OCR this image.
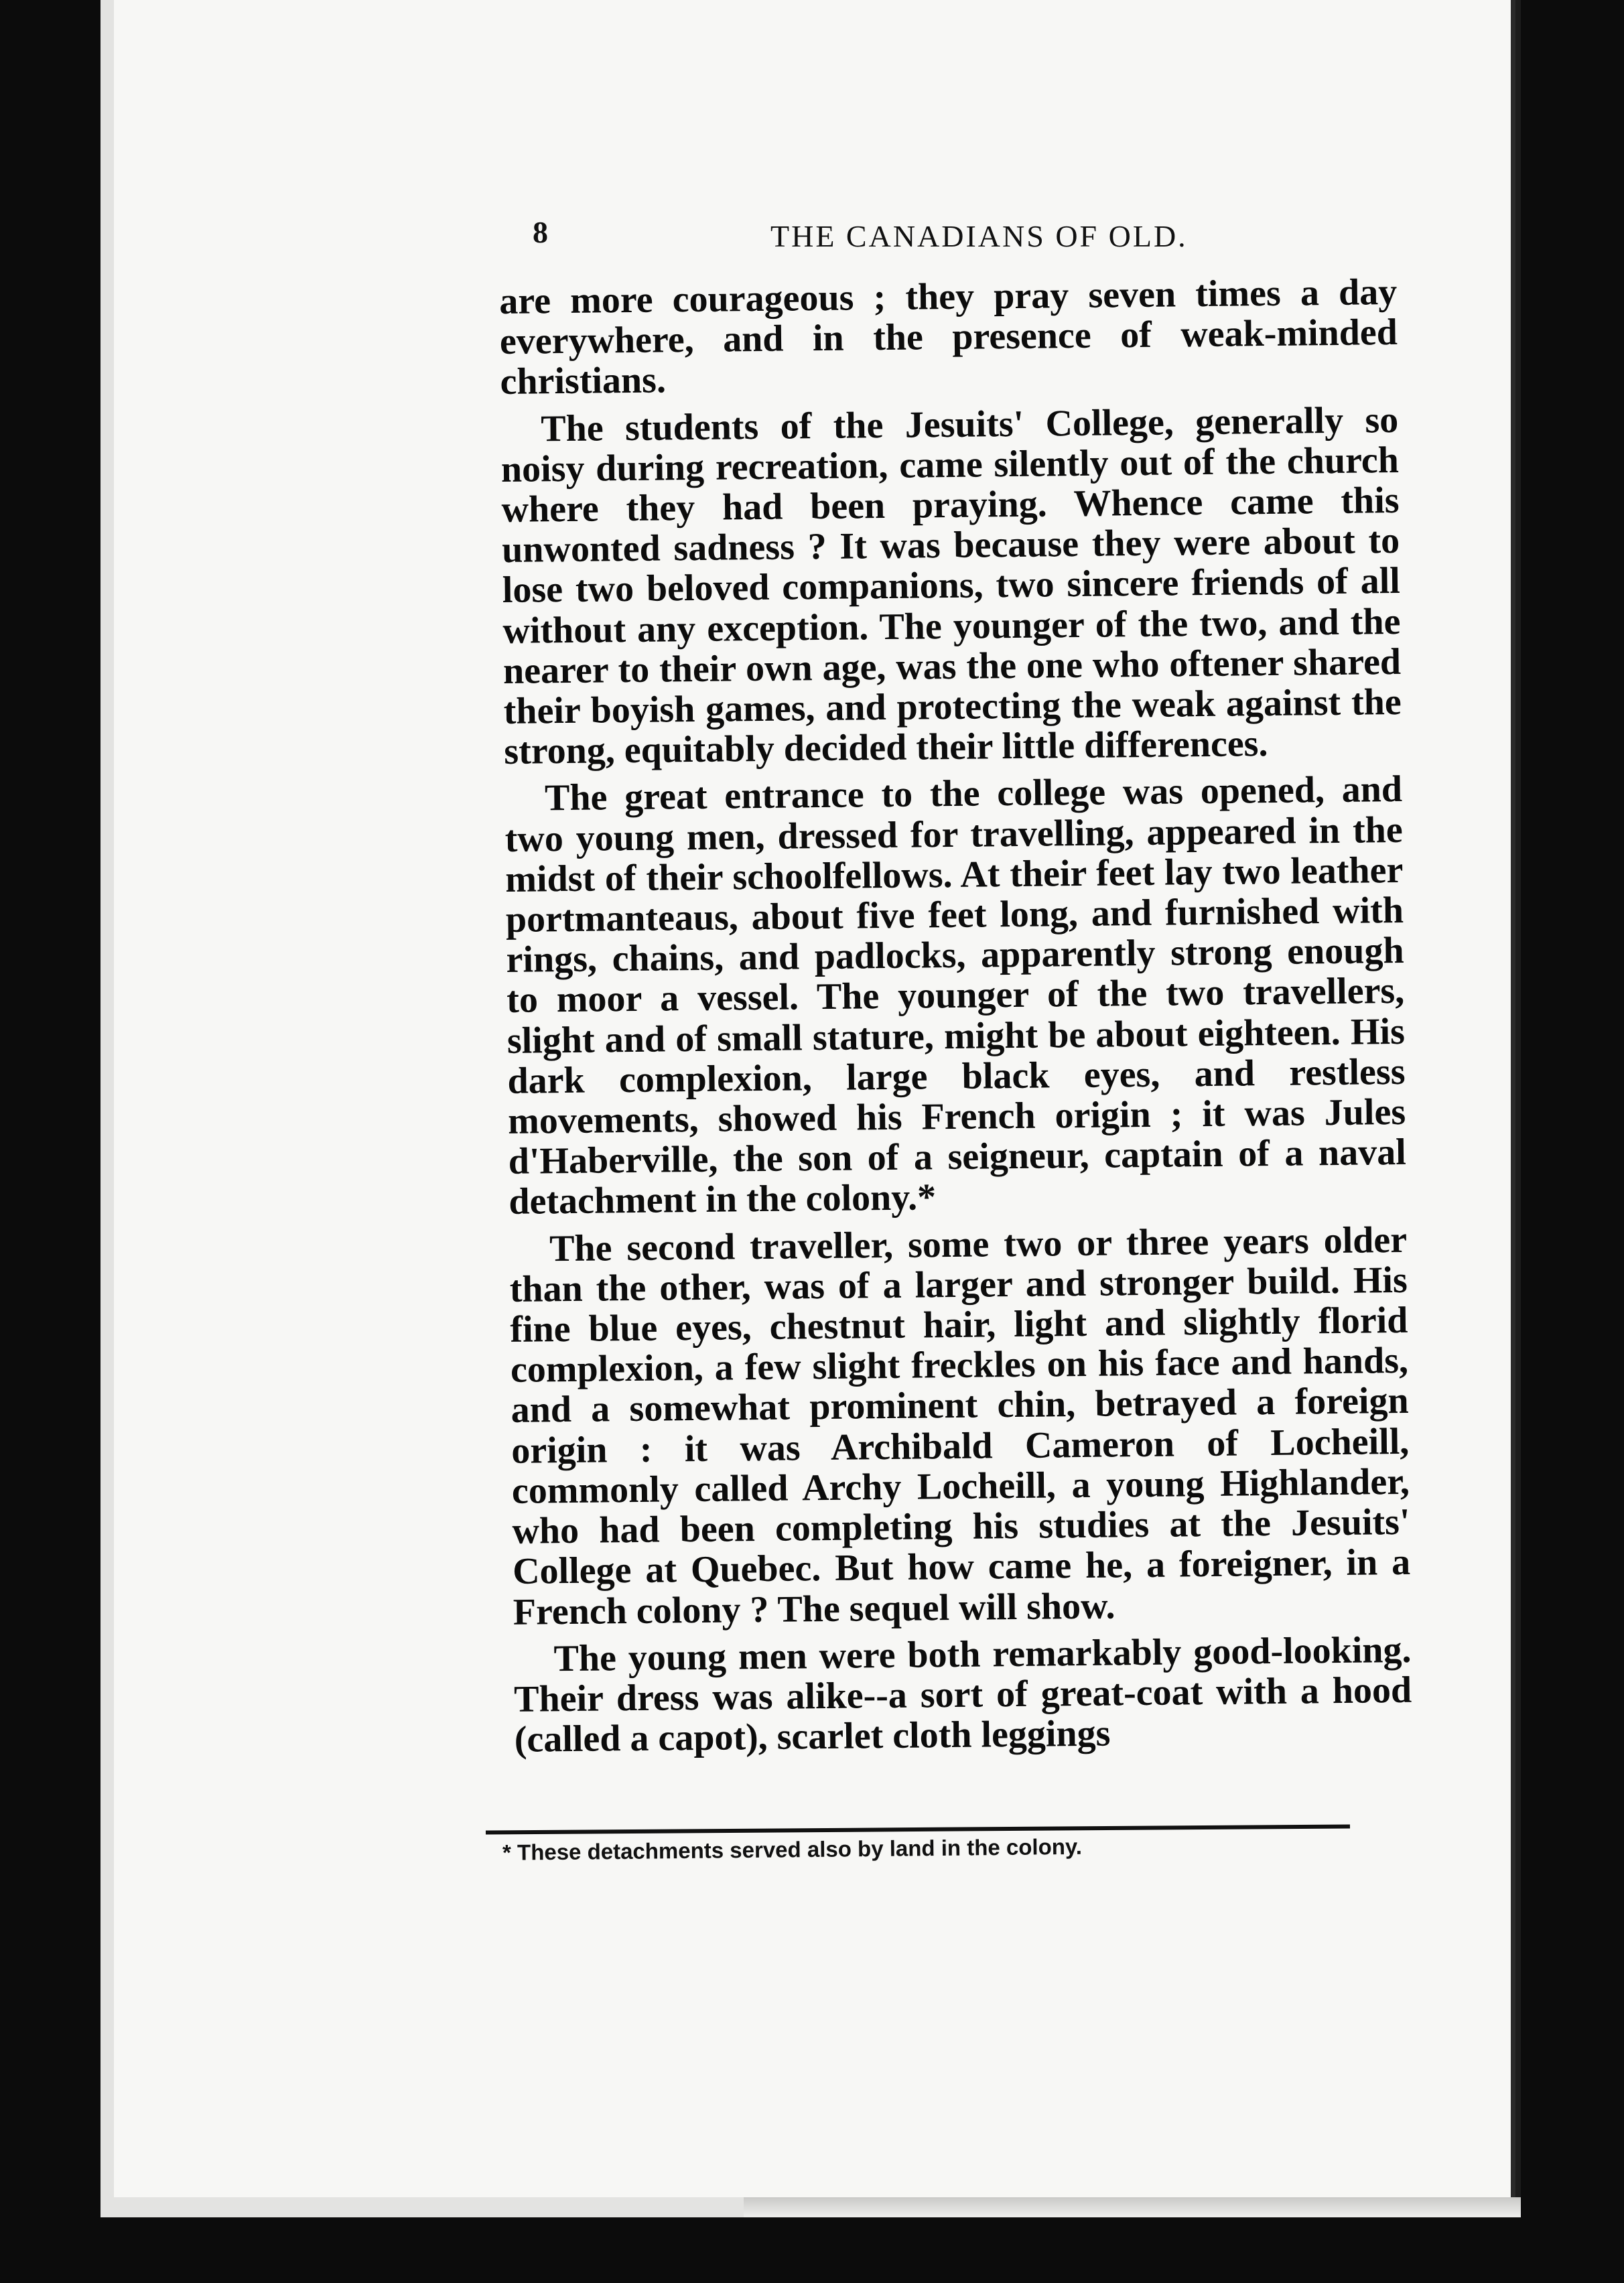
8	THE CANADIANS OF OLD.

are more courageous ; they pray seven times a day everywhere, and in the presence of weak-minded christians.

The students of the Jesuits' College, generally so noisy during recreation, came silently out of the church where they had been praying. Whence came this unwonted sadness ? It was because they were about to lose two beloved companions, two sincere friends of all without any exception. The younger of the two, and the nearer to their own age, was the one who oftener shared their boyish games, and protecting the weak against the strong, equitably decided their little differences.

The great entrance to the college was opened, and two young men, dressed for travelling, appeared in the midst of their schoolfellows. At their feet lay two leather portmanteaus, about five feet long, and furnished with rings, chains, and padlocks, apparently strong enough to moor a vessel. The younger of the two travellers, slight and of small stature, might be about eighteen. His dark complexion, large black eyes, and restless movements, showed his French origin ; it was Jules d'Haberville, the son of a seigneur, captain of a naval detachment in the colony.*

The second traveller, some two or three years older than the other, was of a larger and stronger build. His fine blue eyes, chestnut hair, light and slightly florid complexion, a few slight freckles on his face and hands, and a somewhat prominent chin, betrayed a foreign origin : it was Archibald Cameron of Locheill, commonly called Archy Locheill, a young Highlander, who had been completing his studies at the Jesuits' College at Quebec. But how came he, a foreigner, in a French colony ? The sequel will show.

The young men were both remarkably good-looking. Their dress was alike--a sort of great-coat with a hood (called a capot), scarlet cloth leggings

* These detachments served also by land in the colony.
